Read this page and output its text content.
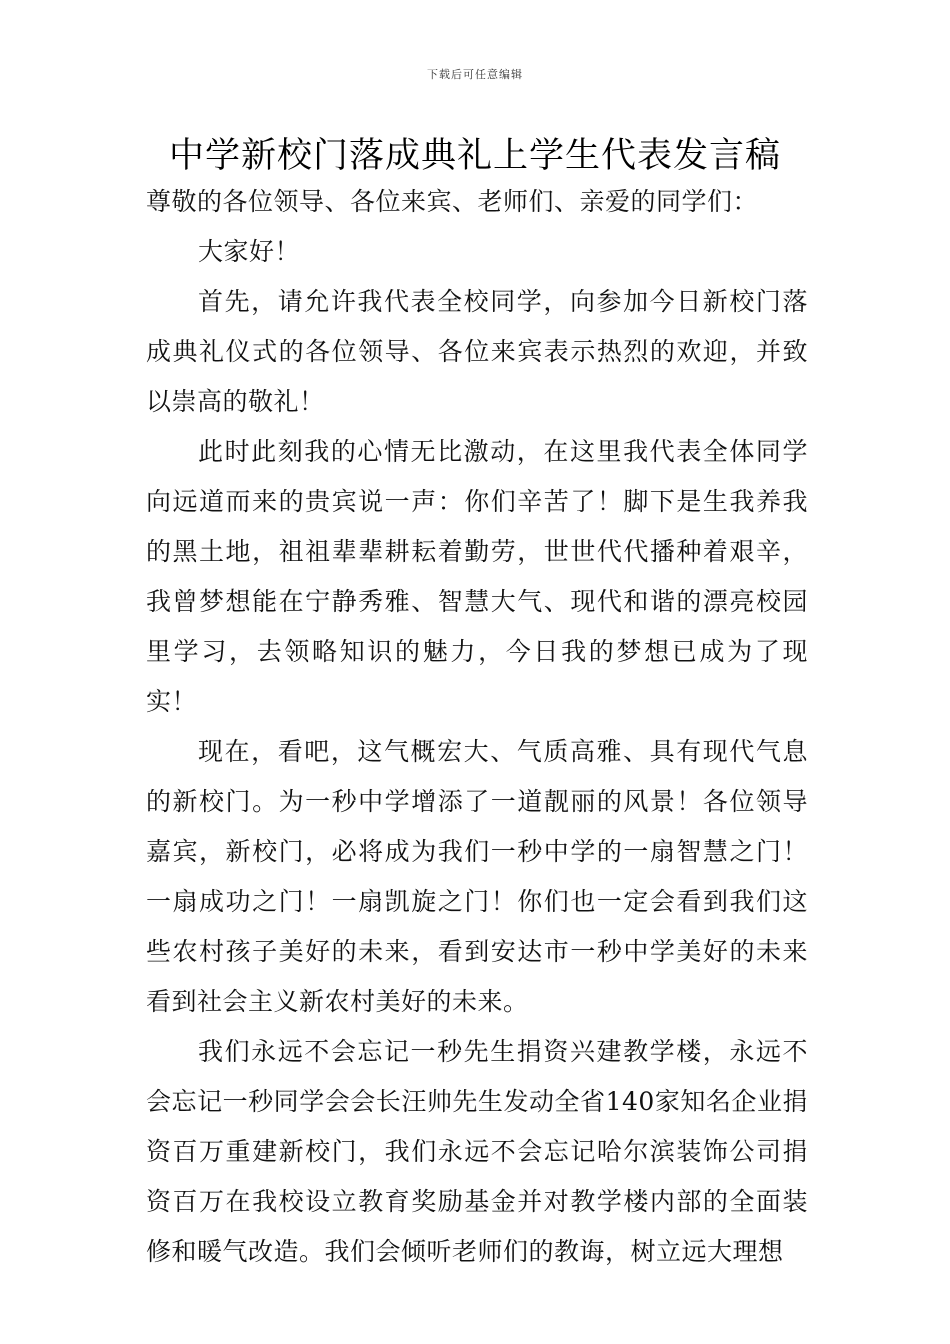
下载后可任意编辑
中学新校门落成典礼上学生代表发言稿

尊敬的各位领导、各位来宾、老师们、亲爱的同学们：

大家好！

首先，请允许我代表全校同学，向参加今日新校门落成典礼仪式的各位领导、各位来宾表示热烈的欢迎，并致以崇高的敬礼！

此时此刻我的心情无比激动，在这里我代表全体同学向远道而来的贵宾说一声：你们辛苦了！脚下是生我养我的黑土地，祖祖辈辈耕耘着勤劳，世世代代播种着艰辛，我曾梦想能在宁静秀雅、智慧大气、现代和谐的漂亮校园里学习，去领略知识的魅力，今日我的梦想已成为了现实！

现在，看吧，这气概宏大、气质高雅、具有现代气息的新校门。为一秒中学增添了一道靓丽的风景！各位领导嘉宾，新校门，必将成为我们一秒中学的一扇智慧之门！一扇成功之门！一扇凯旋之门！你们也一定会看到我们这些农村孩子美好的未来，看到安达市一秒中学美好的未来看到社会主义新农村美好的未来。

我们永远不会忘记一秒先生捐资兴建教学楼，永远不会忘记一秒同学会会长汪帅先生发动全省140家知名企业捐资百万重建新校门，我们永远不会忘记哈尔滨装饰公司捐资百万在我校设立教育奖励基金并对教学楼内部的全面装修和暖气改造。我们会倾听老师们的教诲，树立远大理想
